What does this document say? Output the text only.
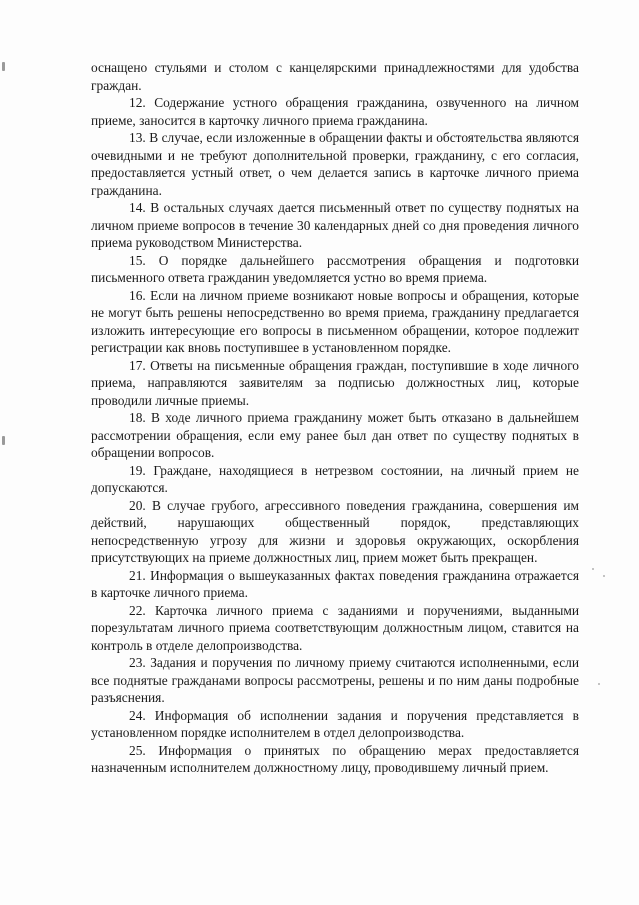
оснащено стульями и столом с канцелярскими принадлежностями для удобства граждан.

12. Содержание устного обращения гражданина, озвученного на личном приеме, заносится в карточку личного приема гражданина.

13. В случае, если изложенные в обращении факты и обстоятельства являются очевидными и не требуют дополнительной проверки, гражданину, с его согласия, предоставляется устный ответ, о чем делается запись в карточке личного приема гражданина.

14. В остальных случаях дается письменный ответ по существу поднятых на личном приеме вопросов в течение 30 календарных дней со дня проведения личного приема руководством Министерства.

15. О порядке дальнейшего рассмотрения обращения и подготовки письменного ответа гражданин уведомляется устно во время приема.

16. Если на личном приеме возникают новые вопросы и обращения, которые не могут быть решены непосредственно во время приема, гражданину предлагается изложить интересующие его вопросы в письменном обращении, которое подлежит регистрации как вновь поступившее в установленном порядке.

17. Ответы на письменные обращения граждан, поступившие в ходе личного приема, направляются заявителям за подписью должностных лиц, которые проводили личные приемы.

18. В ходе личного приема гражданину может быть отказано в дальнейшем рассмотрении обращения, если ему ранее был дан ответ по существу поднятых в обращении вопросов.

19. Граждане, находящиеся в нетрезвом состоянии, на личный прием не допускаются.

20. В случае грубого, агрессивного поведения гражданина, совершения им действий, нарушающих общественный порядок, представляющих непосредственную угрозу для жизни и здоровья окружающих, оскорбления присутствующих на приеме должностных лиц, прием может быть прекращен.

21. Информация о вышеуказанных фактах поведения гражданина отражается в карточке личного приема.

22. Карточка личного приема с заданиями и поручениями, выданными порезультатам личного приема соответствующим должностным лицом, ставится на контроль в отделе делопроизводства.

23. Задания и поручения по личному приему считаются исполненными, если все поднятые гражданами вопросы рассмотрены, решены и по ним даны подробные разъяснения.

24. Информация об исполнении задания и поручения представляется в установленном порядке исполнителем в отдел делопроизводства.

25. Информация о принятых по обращению мерах предоставляется назначенным исполнителем должностному лицу, проводившему личный прием.
